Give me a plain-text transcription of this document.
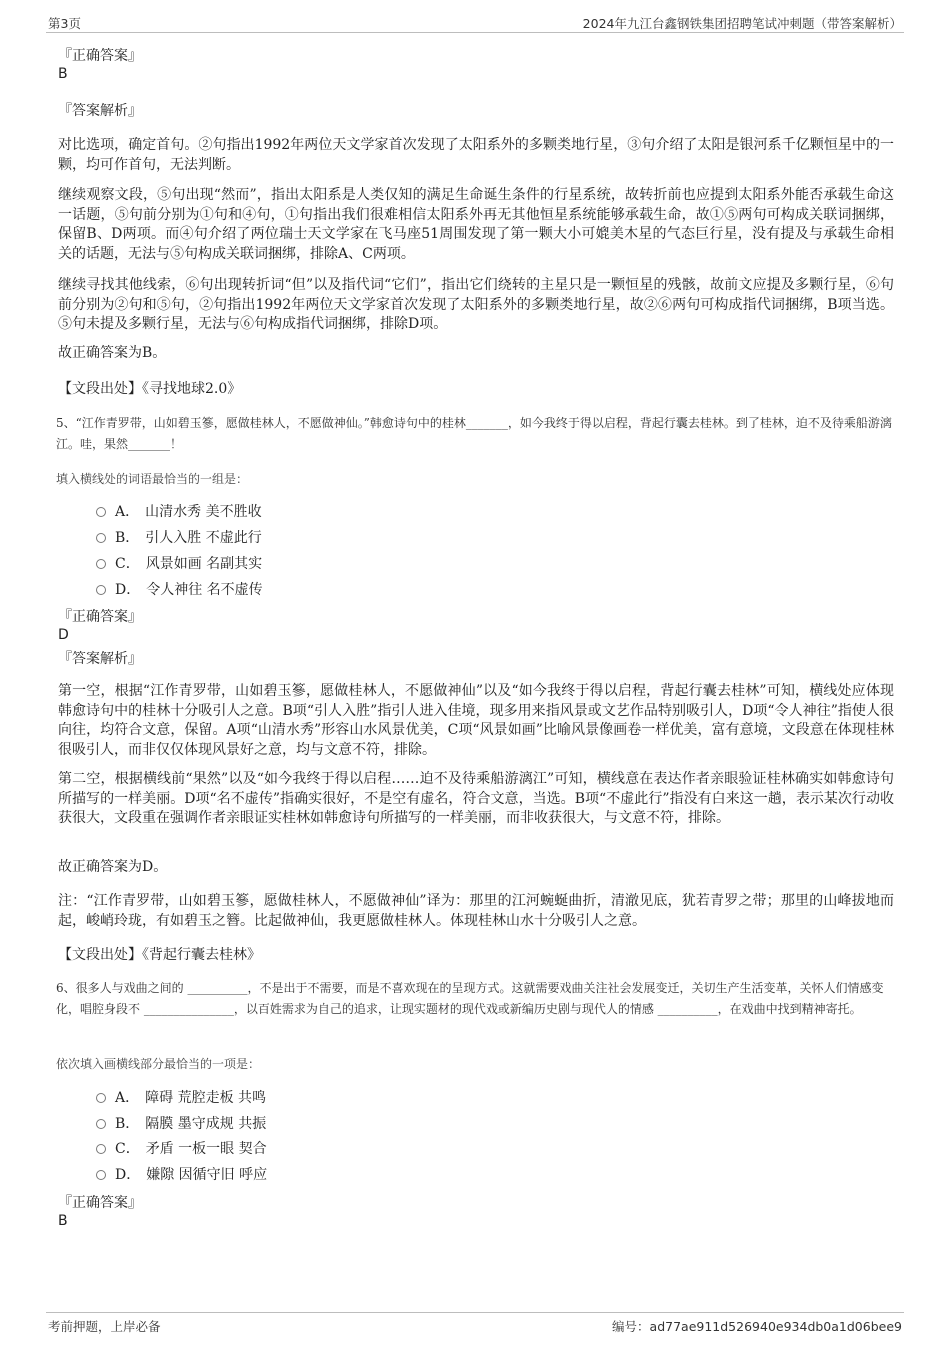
第3页	2024年九江台鑫钢铁集团招聘笔试冲刺题（带答案解析）
『正确答案』
B
『答案解析』
对比选项，确定首句。②句指出1992年两位天文学家首次发现了太阳系外的多颗类地行星，③句介绍了太阳是银河系千亿颗恒星中的一颗，均可作首句，无法判断。
继续观察文段，⑤句出现“然而”，指出太阳系是人类仅知的满足生命诞生条件的行星系统，故转折前也应提到太阳系外能否承载生命这一话题，⑤句前分别为①句和④句，①句指出我们很难相信太阳系外再无其他恒星系统能够承载生命，故①⑤两句可构成关联词捆绑，保留B、D两项。而④句介绍了两位瑞士天文学家在飞马座51周围发现了第一颗大小可媲美木星的气态巨行星，没有提及与承载生命相关的话题，无法与⑤句构成关联词捆绑，排除A、C两项。
继续寻找其他线索，⑥句出现转折词“但”以及指代词“它们”，指出它们绕转的主星只是一颗恒星的残骸，故前文应提及多颗行星，⑥句前分别为②句和⑤句，②句指出1992年两位天文学家首次发现了太阳系外的多颗类地行星，故②⑥两句可构成指代词捆绑，B项当选。⑤句未提及多颗行星，无法与⑥句构成指代词捆绑，排除D项。
故正确答案为B。
【文段出处】《寻找地球2.0》
5、“江作青罗带，山如碧玉篸，愿做桂林人，不愿做神仙。”韩愈诗句中的桂林_______，如今我终于得以启程，背起行囊去桂林。到了桂林，迫不及待乘船游漓江。哇，果然_______！
填入横线处的词语最恰当的一组是：
A． 山清水秀 美不胜收
B． 引人入胜 不虚此行
C． 风景如画 名副其实
D． 令人神往 名不虚传
『正确答案』
D
『答案解析』
第一空，根据“江作青罗带，山如碧玉篸，愿做桂林人，不愿做神仙”以及“如今我终于得以启程，背起行囊去桂林”可知，横线处应体现韩愈诗句中的桂林十分吸引人之意。B项“引人入胜”指引人进入佳境，现多用来指风景或文艺作品特别吸引人，D项“令人神往”指使人很向往，均符合文意，保留。A项“山清水秀”形容山水风景优美，C项“风景如画”比喻风景像画卷一样优美，富有意境，文段意在体现桂林很吸引人，而非仅仅体现风景好之意，均与文意不符，排除。
第二空，根据横线前“果然”以及“如今我终于得以启程……迫不及待乘船游漓江”可知，横线意在表达作者亲眼验证桂林确实如韩愈诗句所描写的一样美丽。D项“名不虚传”指确实很好，不是空有虚名，符合文意，当选。B项“不虚此行”指没有白来这一趟，表示某次行动收获很大，文段重在强调作者亲眼证实桂林如韩愈诗句所描写的一样美丽，而非收获很大，与文意不符，排除。
故正确答案为D。
注：“江作青罗带，山如碧玉篸，愿做桂林人，不愿做神仙”译为：那里的江河蜿蜒曲折，清澈见底，犹若青罗之带；那里的山峰拔地而起，峻峭玲珑，有如碧玉之簪。比起做神仙，我更愿做桂林人。体现桂林山水十分吸引人之意。
【文段出处】《背起行囊去桂林》
6、很多人与戏曲之间的 __________，不是出于不需要，而是不喜欢现在的呈现方式。这就需要戏曲关注社会发展变迁，关切生产生活变革，关怀人们情感变化，唱腔身段不 _______________，以百姓需求为自己的追求，让现实题材的现代戏或新编历史剧与现代人的情感 __________，在戏曲中找到精神寄托。
依次填入画横线部分最恰当的一项是：
A． 障碍 荒腔走板 共鸣
B． 隔膜 墨守成规 共振
C． 矛盾 一板一眼 契合
D． 嫌隙 因循守旧 呼应
『正确答案』
B
考前押题，上岸必备	编号：ad77ae911d526940e934db0a1d06bee9
